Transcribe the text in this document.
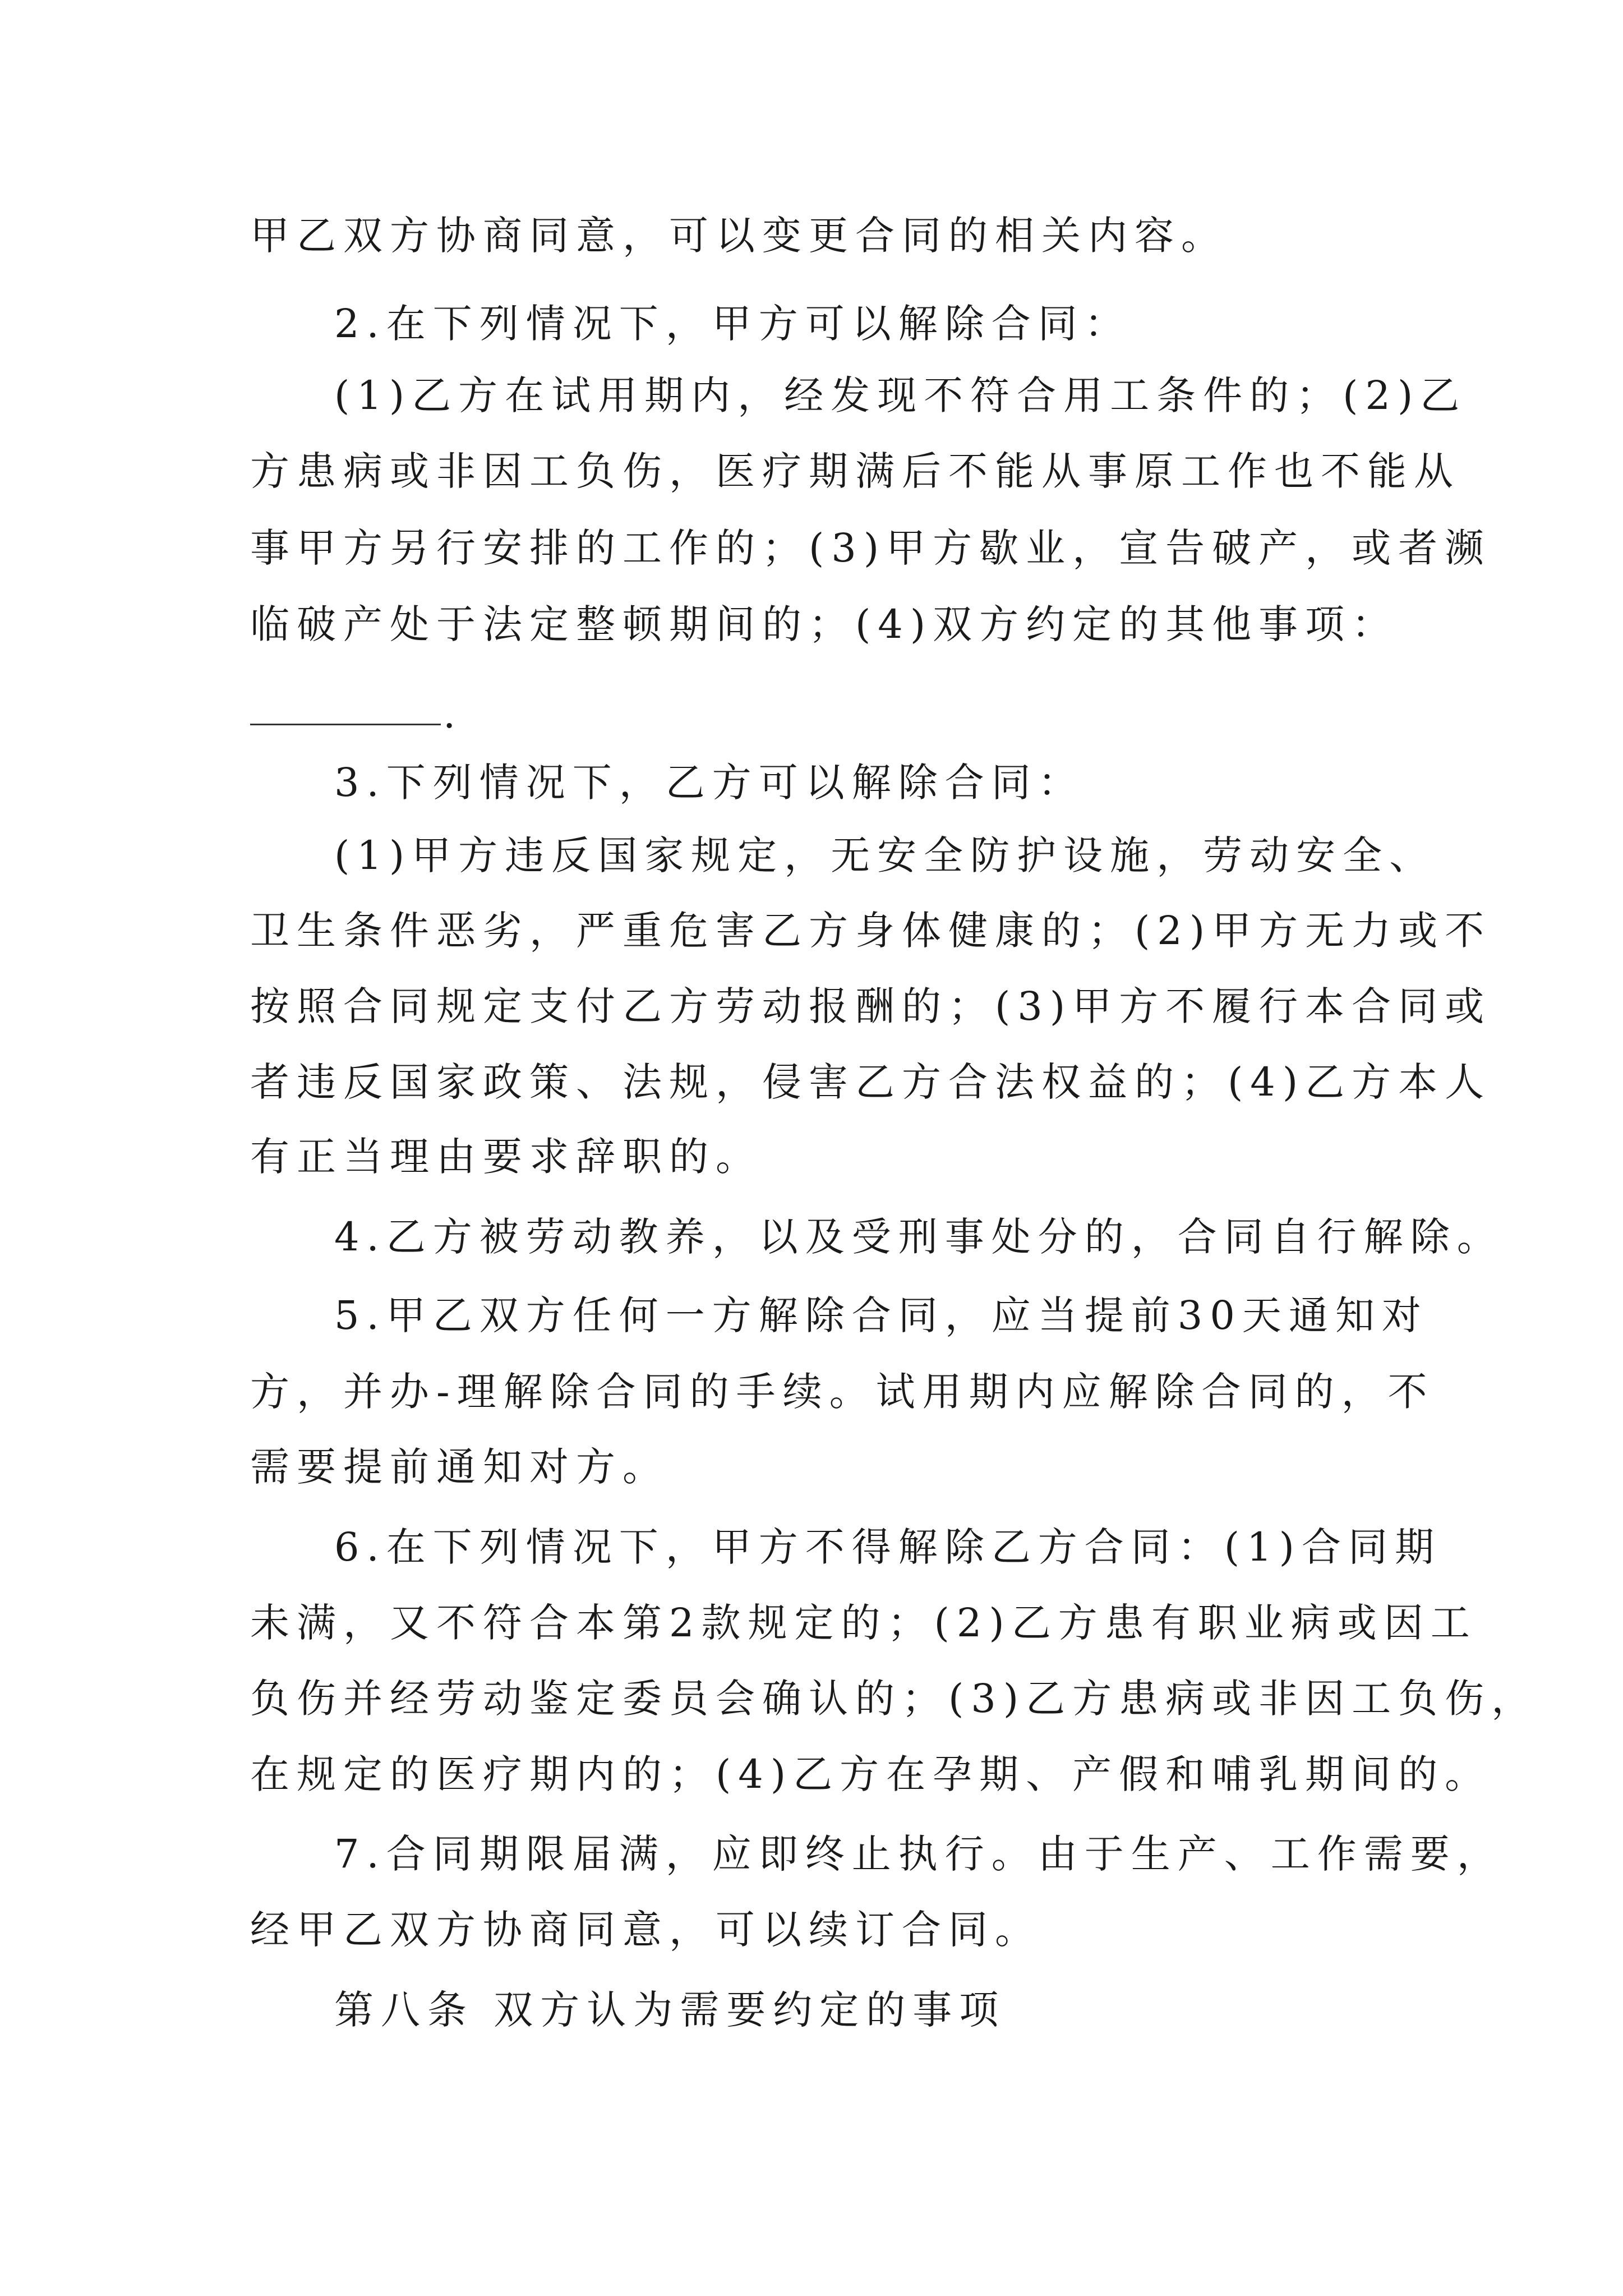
甲乙双方协商同意，可以变更合同的相关内容。
2.在下列情况下，甲方可以解除合同：
(1)乙方在试用期内，经发现不符合用工条件的；(2)乙
方患病或非因工负伤，医疗期满后不能从事原工作也不能从
事甲方另行安排的工作的；(3)甲方歇业，宣告破产，或者濒
临破产处于法定整顿期间的；(4)双方约定的其他事项：
.
3.下列情况下，乙方可以解除合同：
(1)甲方违反国家规定，无安全防护设施，劳动安全、
卫生条件恶劣，严重危害乙方身体健康的；(2)甲方无力或不
按照合同规定支付乙方劳动报酬的；(3)甲方不履行本合同或
者违反国家政策、法规，侵害乙方合法权益的；(4)乙方本人
有正当理由要求辞职的。
4.乙方被劳动教养，以及受刑事处分的，合同自行解除。
5.甲乙双方任何一方解除合同，应当提前30天通知对
方，并办-理解除合同的手续。试用期内应解除合同的，不
需要提前通知对方。
6.在下列情况下，甲方不得解除乙方合同：(1)合同期
未满，又不符合本第2款规定的；(2)乙方患有职业病或因工
负伤并经劳动鉴定委员会确认的；(3)乙方患病或非因工负伤，
在规定的医疗期内的；(4)乙方在孕期、产假和哺乳期间的。
7.合同期限届满，应即终止执行。由于生产、工作需要，
经甲乙双方协商同意，可以续订合同。
第八条 双方认为需要约定的事项
